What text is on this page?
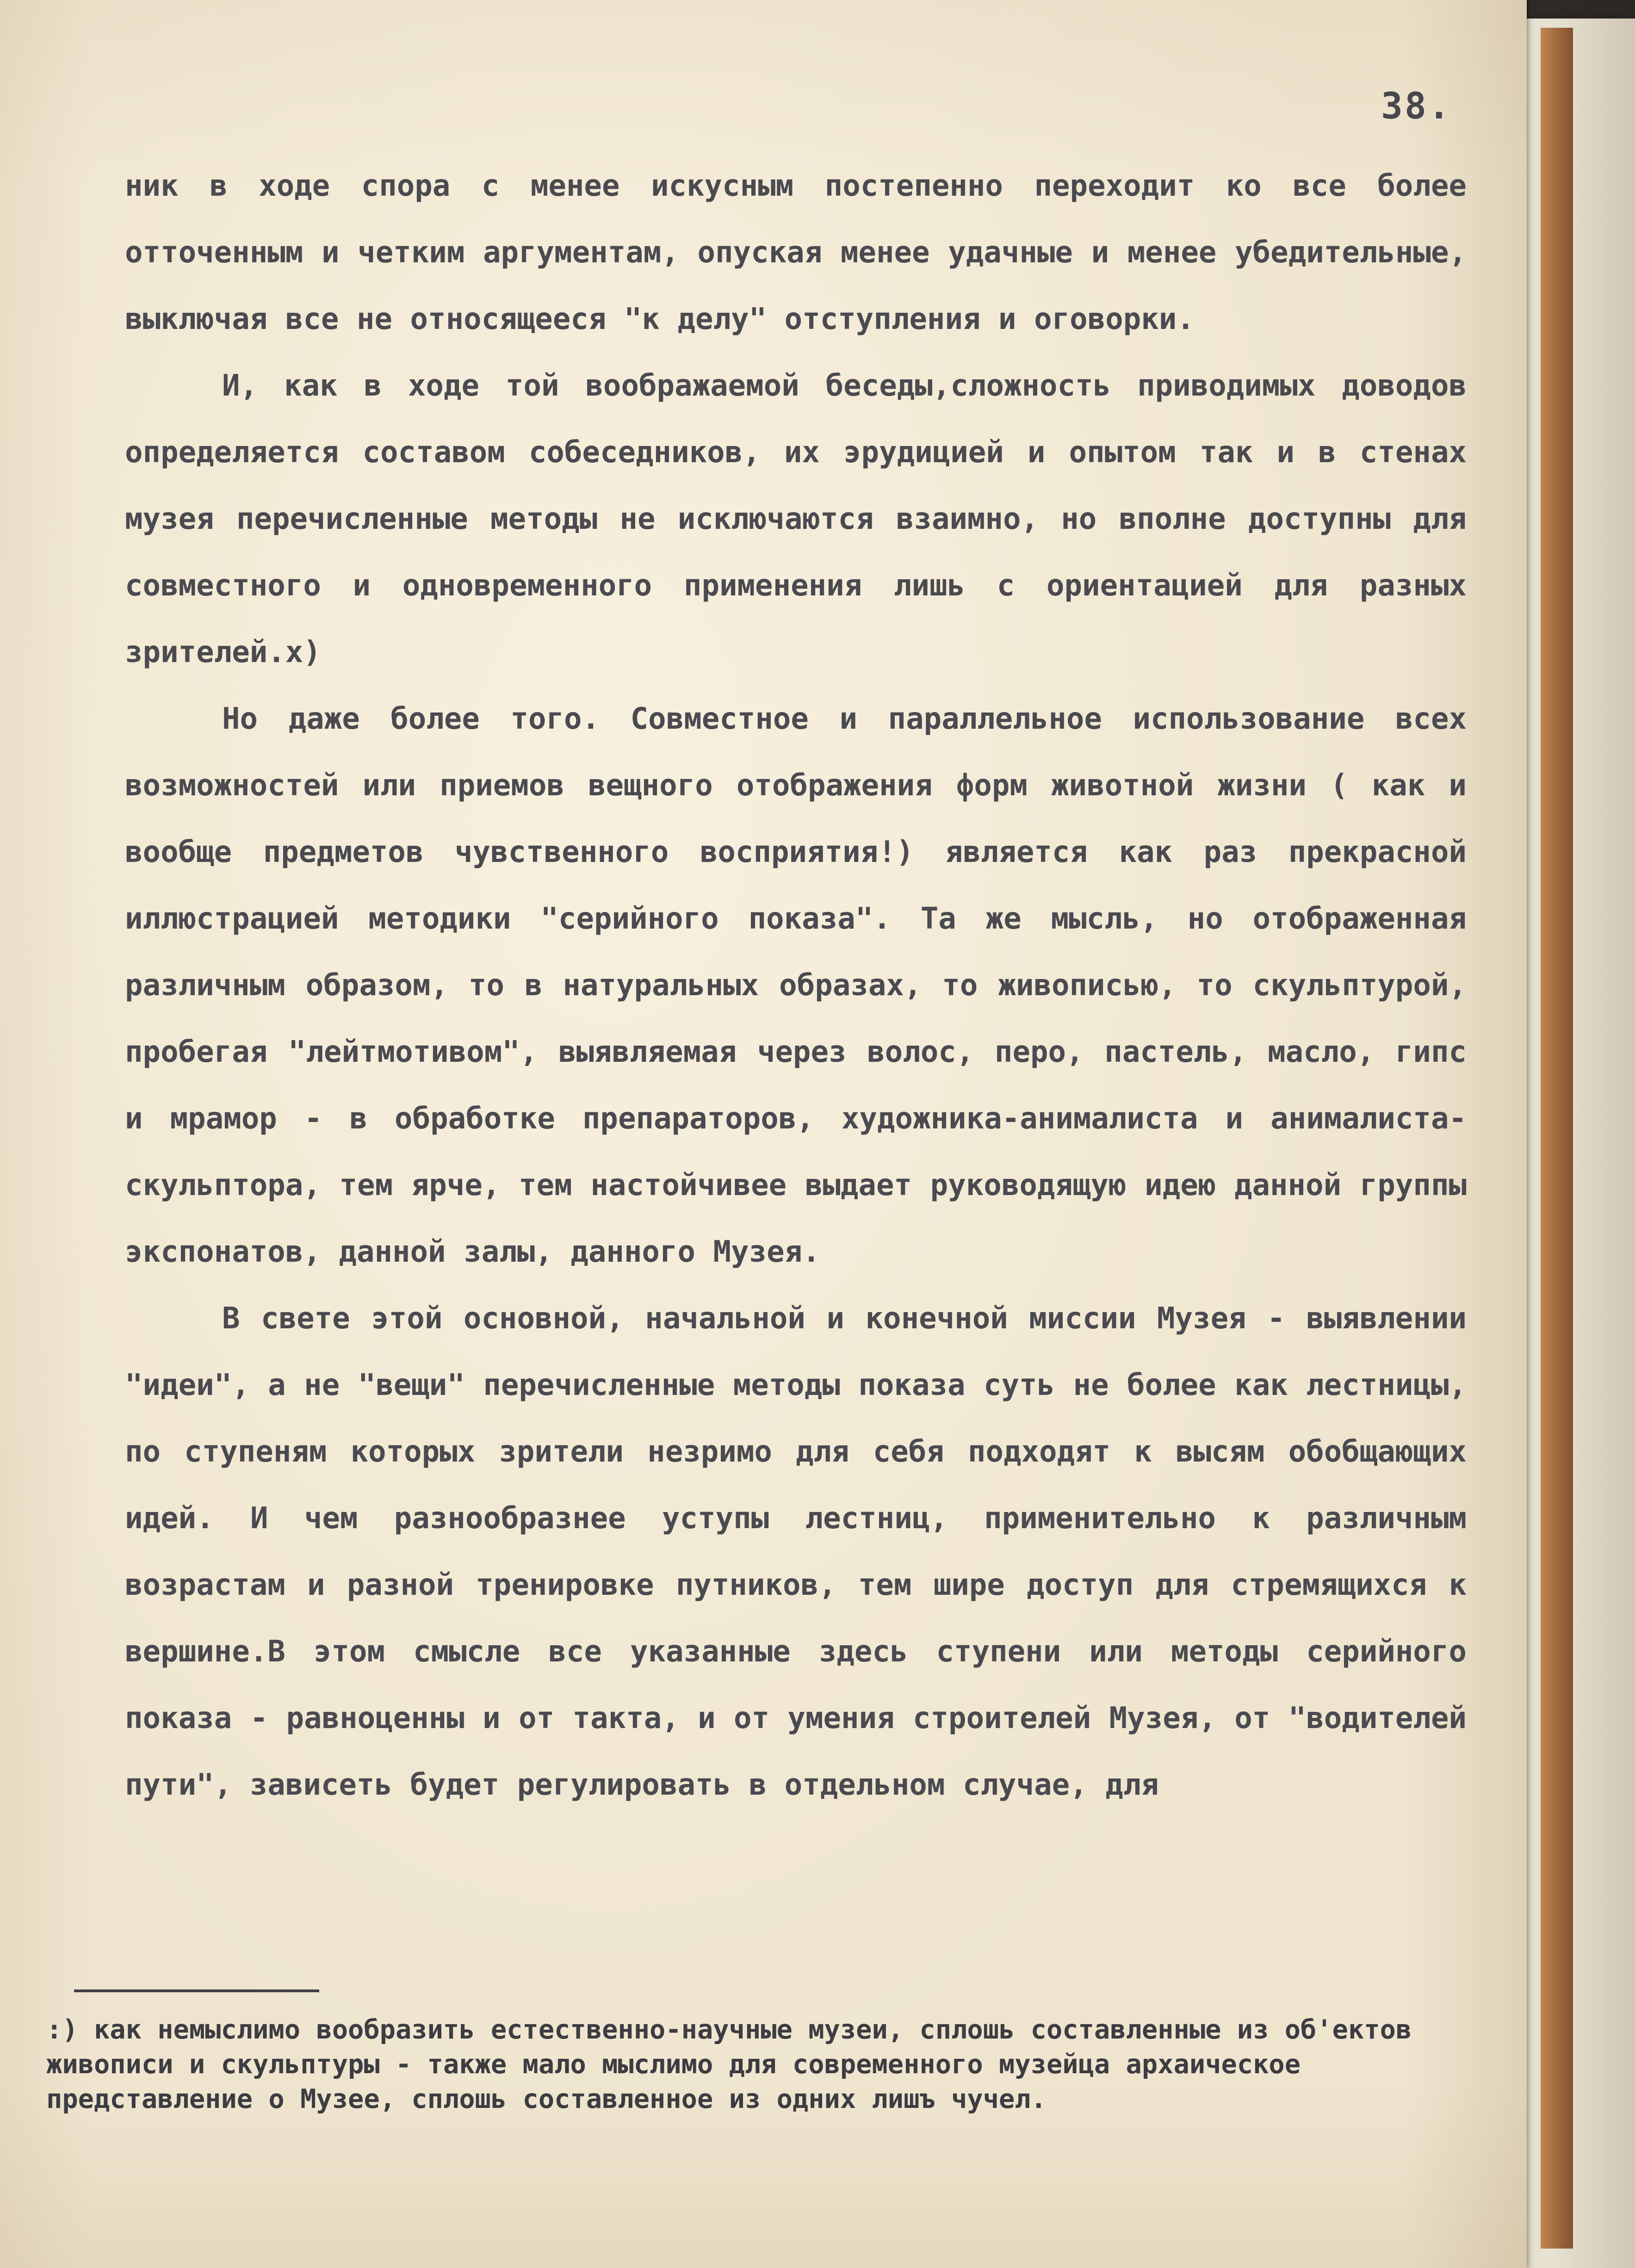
38.

ник в ходе спора с менее искусным постепенно переходит ко все более отточенным и четким аргументам, опуская менее удачные и менее убедительные, выключая все не относящееся "к делу" отступления и оговорки.

И, как в ходе той воображаемой беседы,сложность приводимых доводов определяется составом собеседников, их эрудицией и опытом так и в стенах музея перечисленные методы не исключаются взаимно, но вполне доступны для совместного и одновременного применения лишь с ориентацией для разных зрителей.х)

Но даже более того. Совместное и параллельное использование всех возможностей или приемов вещного отображения форм животной жизни ( как и вообще предметов чувственного восприятия!) является как раз прекрасной иллюстрацией методики "серийного показа". Та же мысль, но отображенная различным образом, то в натуральных образах, то живописью, то скульптурой, пробегая "лейтмотивом", выявляемая через волос, перо, пастель, масло, гипс и мрамор - в обработке препараторов, художника-анималиста и анималиста-скульптора, тем ярче, тем настойчивее выдает руководящую идею данной группы экспонатов, данной залы, данного Музея.

В свете этой основной, начальной и конечной миссии Музея - выявлении "идеи", а не "вещи" перечисленные методы показа суть не более как лестницы, по ступеням которых зрители незримо для себя подходят к высям обобщающих идей. И чем разнообразнее уступы лестниц, применительно к различным возрастам и разной тренировке путников, тем шире доступ для стремящихся к вершине.В этом смысле все указанные здесь ступени или методы серийного показа - равноценны и от такта, и от умения строителей Музея, от "водителей пути", зависеть будет регулировать в отдельном случае, для

:) как немыслимо вообразить естественно-научные музеи, сплошь составленные из об'ектов живописи и скульптуры - также мало мыслимо для современного музейца архаическое представление о Музее, сплошь составленное из одних лишъ чучел.
